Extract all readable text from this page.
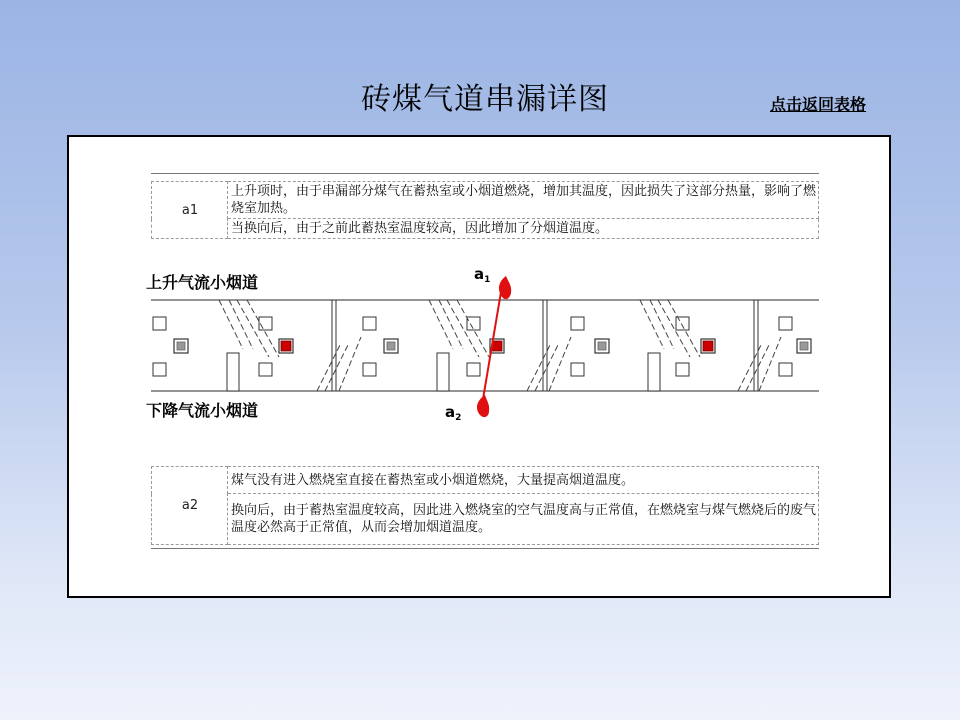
砖煤气道串漏详图	点击返回表格
a1	上升项时，由于串漏部分煤气在蓄热室或小烟道燃烧，增加其温度，因此损失了这部分热量，影响了燃烧室加热。
当换向后，由于之前此蓄热室温度较高，因此增加了分烟道温度。
上升气流小烟道
下降气流小烟道
$a_1$
$a_2$
a2	煤气没有进入燃烧室直接在蓄热室或小烟道燃烧，大量提高烟道温度。
换向后，由于蓄热室温度较高，因此进入燃烧室的空气温度高与正常值，在燃烧室与煤气燃烧后的废气温度必然高于正常值，从而会增加烟道温度。
